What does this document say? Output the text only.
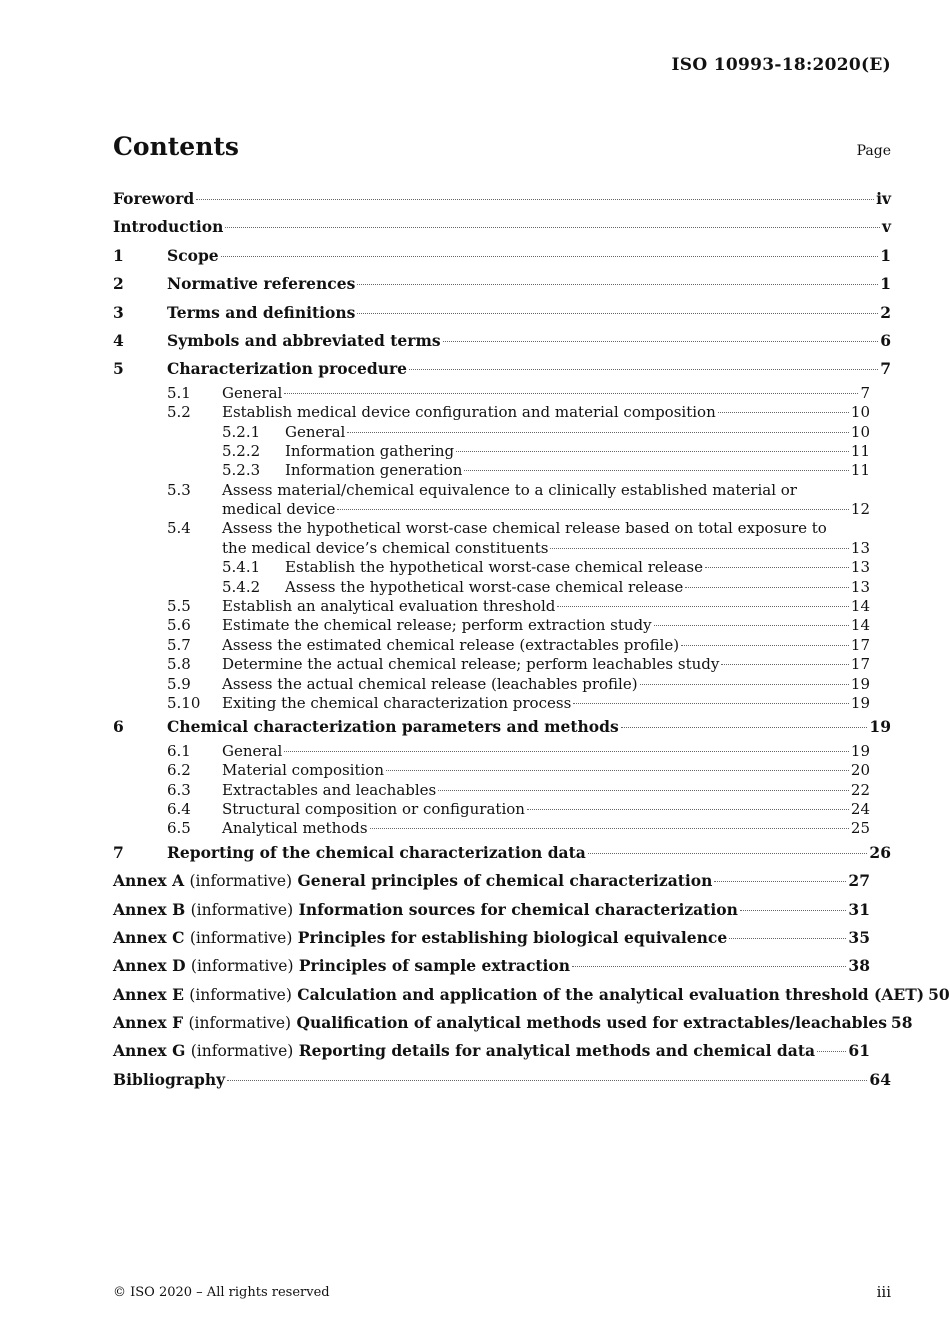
ISO 10993-18:2020(E)
Contents	Page
Foreword	iv
Introduction	v
1	Scope	1
2	Normative references	1
3	Terms and definitions	2
4	Symbols and abbreviated terms	6
5	Characterization procedure	7
5.1 General	7
5.2 Establish medical device configuration and material composition	10
5.2.1 General	10
5.2.2 Information gathering	11
5.2.3 Information generation	11
5.3 Assess material/chemical equivalence to a clinically established material or
medical device	12
5.4 Assess the hypothetical worst-case chemical release based on total exposure to
the medical device’s chemical constituents	13
5.4.1 Establish the hypothetical worst-case chemical release	13
5.4.2 Assess the hypothetical worst-case chemical release	13
5.5 Establish an analytical evaluation threshold	14
5.6 Estimate the chemical release; perform extraction study	14
5.7 Assess the estimated chemical release (extractables profile)	17
5.8 Determine the actual chemical release; perform leachables study	17
5.9 Assess the actual chemical release (leachables profile)	19
5.10 Exiting the chemical characterization process	19
6	Chemical characterization parameters and methods	19
6.1 General	19
6.2 Material composition	20
6.3 Extractables and leachables	22
6.4 Structural composition or configuration	24
6.5 Analytical methods	25
7	Reporting of the chemical characterization data	26
Annex A (informative) General principles of chemical characterization	27
Annex B (informative) Information sources for chemical characterization	31
Annex C (informative) Principles for establishing biological equivalence	35
Annex D (informative) Principles of sample extraction	38
Annex E (informative) Calculation and application of the analytical evaluation threshold (AET) 50
Annex F (informative) Qualification of analytical methods used for extractables/leachables 58
Annex G (informative) Reporting details for analytical methods and chemical data 61
Bibliography	64
© ISO 2020 – All rights reserved	iii
